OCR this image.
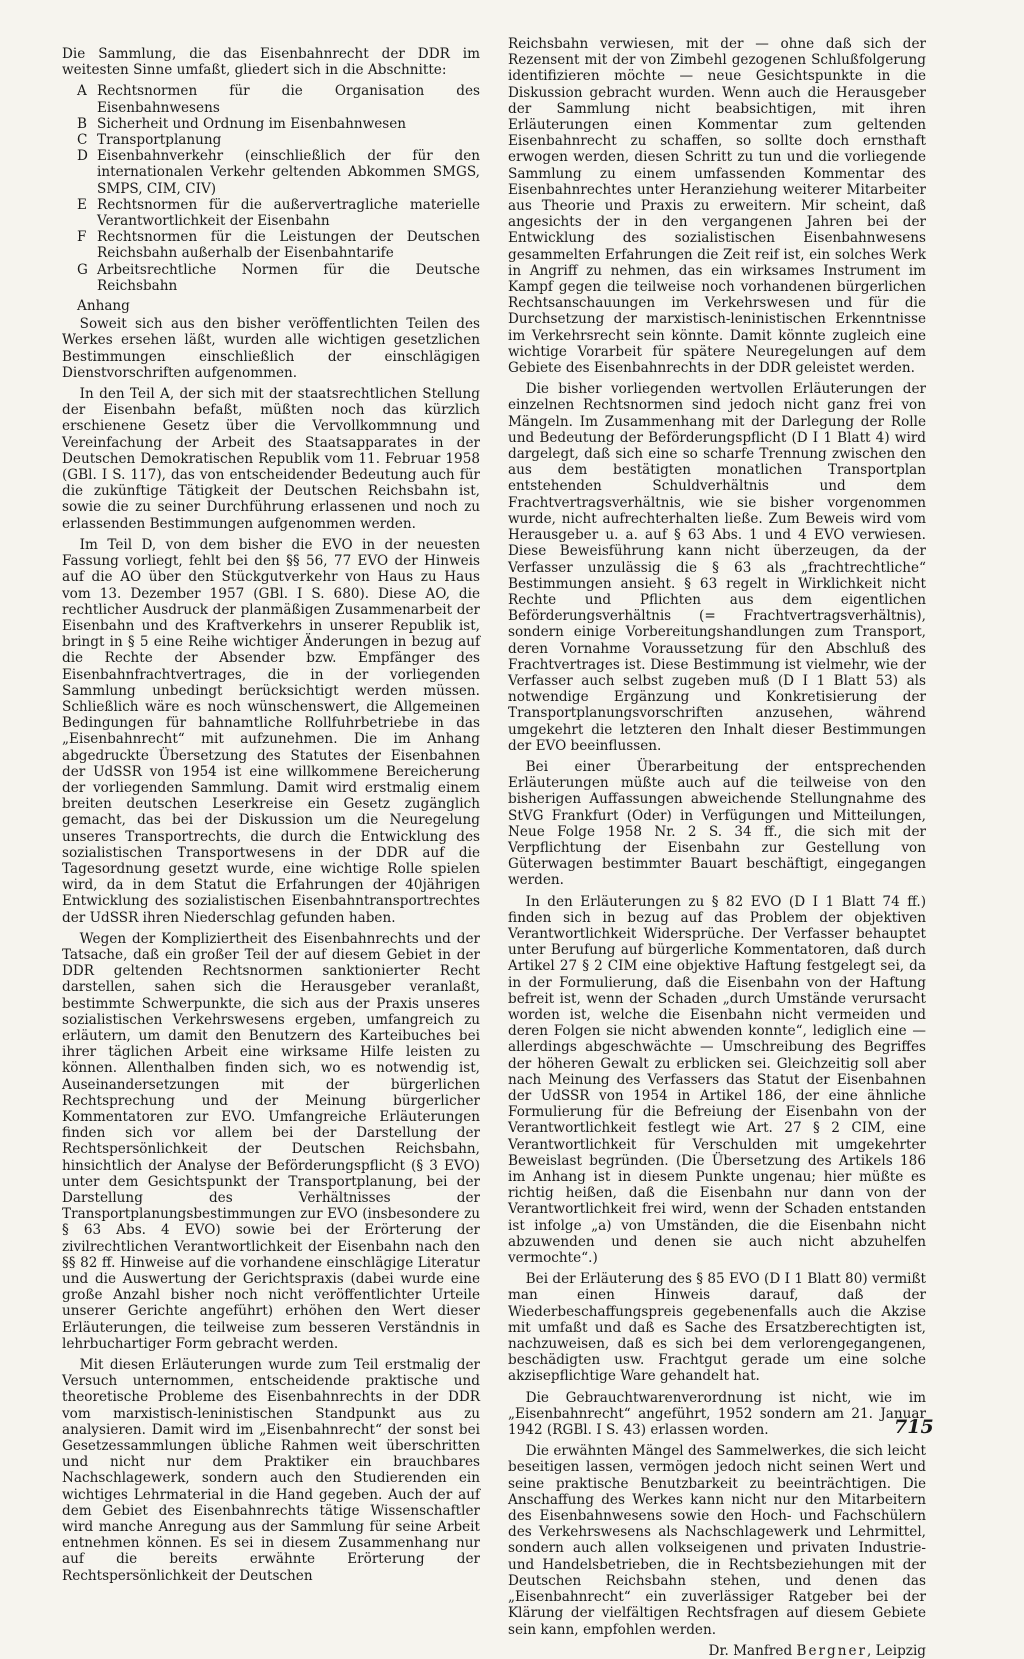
Die Sammlung, die das Eisenbahnrecht der DDR im weitesten Sinne umfaßt, gliedert sich in die Abschnitte:

A Rechtsnormen für die Organisation des Eisenbahnwesens
B Sicherheit und Ordnung im Eisenbahnwesen
C Transportplanung
D Eisenbahnverkehr (einschließlich der für den internationalen Verkehr geltenden Abkommen SMGS, SMPS, CIM, CIV)
E Rechtsnormen für die außervertragliche materielle Verantwortlichkeit der Eisenbahn
F Rechtsnormen für die Leistungen der Deutschen Reichsbahn außerhalb der Eisenbahntarife
G Arbeitsrechtliche Normen für die Deutsche Reichsbahn
Anhang

Soweit sich aus den bisher veröffentlichten Teilen des Werkes ersehen läßt, wurden alle wichtigen gesetzlichen Bestimmungen einschließlich der einschlägigen Dienstvorschriften aufgenommen.

In den Teil A, der sich mit der staatsrechtlichen Stellung der Eisenbahn befaßt, müßten noch das kürzlich erschienene Gesetz über die Vervollkommnung und Vereinfachung der Arbeit des Staatsapparates in der Deutschen Demokratischen Republik vom 11. Februar 1958 (GBl. I S. 117), das von entscheidender Bedeutung auch für die zukünftige Tätigkeit der Deutschen Reichsbahn ist, sowie die zu seiner Durchführung erlassenen und noch zu erlassenden Bestimmungen aufgenommen werden.

Im Teil D, von dem bisher die EVO in der neuesten Fassung vorliegt, fehlt bei den §§ 56, 77 EVO der Hinweis auf die AO über den Stückgutverkehr von Haus zu Haus vom 13. Dezember 1957 (GBl. I S. 680). Diese AO, die rechtlicher Ausdruck der planmäßigen Zusammenarbeit der Eisenbahn und des Kraftverkehrs in unserer Republik ist, bringt in § 5 eine Reihe wichtiger Änderungen in bezug auf die Rechte der Absender bzw. Empfänger des Eisenbahnfrachtvertrages, die in der vorliegenden Sammlung unbedingt berücksichtigt werden müssen. Schließlich wäre es noch wünschenswert, die Allgemeinen Bedingungen für bahnamtliche Rollfuhrbetriebe in das „Eisenbahnrecht“ mit aufzunehmen. Die im Anhang abgedruckte Übersetzung des Statutes der Eisenbahnen der UdSSR von 1954 ist eine willkommene Bereicherung der vorliegenden Sammlung. Damit wird erstmalig einem breiten deutschen Leserkreise ein Gesetz zugänglich gemacht, das bei der Diskussion um die Neuregelung unseres Transportrechts, die durch die Entwicklung des sozialistischen Transportwesens in der DDR auf die Tagesordnung gesetzt wurde, eine wichtige Rolle spielen wird, da in dem Statut die Erfahrungen der 40jährigen Entwicklung des sozialistischen Eisenbahntransportrechtes der UdSSR ihren Niederschlag gefunden haben.

Wegen der Kompliziertheit des Eisenbahnrechts und der Tatsache, daß ein großer Teil der auf diesem Gebiet in der DDR geltenden Rechtsnormen sanktionierter Recht darstellen, sahen sich die Herausgeber veranlaßt, bestimmte Schwerpunkte, die sich aus der Praxis unseres sozialistischen Verkehrswesens ergeben, umfangreich zu erläutern, um damit den Benutzern des Karteibuches bei ihrer täglichen Arbeit eine wirksame Hilfe leisten zu können. Allenthalben finden sich, wo es notwendig ist, Auseinandersetzungen mit der bürgerlichen Rechtsprechung und der Meinung bürgerlicher Kommentatoren zur EVO. Umfangreiche Erläuterungen finden sich vor allem bei der Darstellung der Rechtspersönlichkeit der Deutschen Reichsbahn, hinsichtlich der Analyse der Beförderungspflicht (§ 3 EVO) unter dem Gesichtspunkt der Transportplanung, bei der Darstellung des Verhältnisses der Transportplanungsbestimmungen zur EVO (insbesondere zu § 63 Abs. 4 EVO) sowie bei der Erörterung der zivilrechtlichen Verantwortlichkeit der Eisenbahn nach den §§ 82 ff. Hinweise auf die vorhandene einschlägige Literatur und die Auswertung der Gerichtspraxis (dabei wurde eine große Anzahl bisher noch nicht veröffentlichter Urteile unserer Gerichte angeführt) erhöhen den Wert dieser Erläuterungen, die teilweise zum besseren Verständnis in lehrbuchartiger Form gebracht werden.

Mit diesen Erläuterungen wurde zum Teil erstmalig der Versuch unternommen, entscheidende praktische und theoretische Probleme des Eisenbahnrechts in der DDR vom marxistisch-leninistischen Standpunkt aus zu analysieren. Damit wird im „Eisenbahnrecht“ der sonst bei Gesetzessammlungen übliche Rahmen weit überschritten und nicht nur dem Praktiker ein brauchbares Nachschlagewerk, sondern auch den Studierenden ein wichtiges Lehrmaterial in die Hand gegeben. Auch der auf dem Gebiet des Eisenbahnrechts tätige Wissenschaftler wird manche Anregung aus der Sammlung für seine Arbeit entnehmen können. Es sei in diesem Zusammenhang nur auf die bereits erwähnte Erörterung der Rechtspersönlichkeit der Deutschen

Reichsbahn verwiesen, mit der — ohne daß sich der Rezensent mit der von Zimbehl gezogenen Schlußfolgerung identifizieren möchte — neue Gesichtspunkte in die Diskussion gebracht wurden. Wenn auch die Herausgeber der Sammlung nicht beabsichtigen, mit ihren Erläuterungen einen Kommentar zum geltenden Eisenbahnrecht zu schaffen, so sollte doch ernsthaft erwogen werden, diesen Schritt zu tun und die vorliegende Sammlung zu einem umfassenden Kommentar des Eisenbahnrechtes unter Heranziehung weiterer Mitarbeiter aus Theorie und Praxis zu erweitern. Mir scheint, daß angesichts der in den vergangenen Jahren bei der Entwicklung des sozialistischen Eisenbahnwesens gesammelten Erfahrungen die Zeit reif ist, ein solches Werk in Angriff zu nehmen, das ein wirksames Instrument im Kampf gegen die teilweise noch vorhandenen bürgerlichen Rechtsanschauungen im Verkehrswesen und für die Durchsetzung der marxistisch-leninistischen Erkenntnisse im Verkehrsrecht sein könnte. Damit könnte zugleich eine wichtige Vorarbeit für spätere Neuregelungen auf dem Gebiete des Eisenbahnrechts in der DDR geleistet werden.

Die bisher vorliegenden wertvollen Erläuterungen der einzelnen Rechtsnormen sind jedoch nicht ganz frei von Mängeln. Im Zusammenhang mit der Darlegung der Rolle und Bedeutung der Beförderungspflicht (D I 1 Blatt 4) wird dargelegt, daß sich eine so scharfe Trennung zwischen den aus dem bestätigten monatlichen Transportplan entstehenden Schuldverhältnis und dem Frachtvertragsverhältnis, wie sie bisher vorgenommen wurde, nicht aufrechterhalten ließe. Zum Beweis wird vom Herausgeber u. a. auf § 63 Abs. 1 und 4 EVO verwiesen. Diese Beweisführung kann nicht überzeugen, da der Verfasser unzulässig die § 63 als „frachtrechtliche“ Bestimmungen ansieht. § 63 regelt in Wirklichkeit nicht Rechte und Pflichten aus dem eigentlichen Beförderungsverhältnis (= Frachtvertragsverhältnis), sondern einige Vorbereitungshandlungen zum Transport, deren Vornahme Voraussetzung für den Abschluß des Frachtvertrages ist. Diese Bestimmung ist vielmehr, wie der Verfasser auch selbst zugeben muß (D I 1 Blatt 53) als notwendige Ergänzung und Konkretisierung der Transportplanungsvorschriften anzusehen, während umgekehrt die letzteren den Inhalt dieser Bestimmungen der EVO beeinflussen.

Bei einer Überarbeitung der entsprechenden Erläuterungen müßte auch auf die teilweise von den bisherigen Auffassungen abweichende Stellungnahme des StVG Frankfurt (Oder) in Verfügungen und Mitteilungen, Neue Folge 1958 Nr. 2 S. 34 ff., die sich mit der Verpflichtung der Eisenbahn zur Gestellung von Güterwagen bestimmter Bauart beschäftigt, eingegangen werden.

In den Erläuterungen zu § 82 EVO (D I 1 Blatt 74 ff.) finden sich in bezug auf das Problem der objektiven Verantwortlichkeit Widersprüche. Der Verfasser behauptet unter Berufung auf bürgerliche Kommentatoren, daß durch Artikel 27 § 2 CIM eine objektive Haftung festgelegt sei, da in der Formulierung, daß die Eisenbahn von der Haftung befreit ist, wenn der Schaden „durch Umstände verursacht worden ist, welche die Eisenbahn nicht vermeiden und deren Folgen sie nicht abwenden konnte“, lediglich eine — allerdings abgeschwächte — Umschreibung des Begriffes der höheren Gewalt zu erblicken sei. Gleichzeitig soll aber nach Meinung des Verfassers das Statut der Eisenbahnen der UdSSR von 1954 in Artikel 186, der eine ähnliche Formulierung für die Befreiung der Eisenbahn von der Verantwortlichkeit festlegt wie Art. 27 § 2 CIM, eine Verantwortlichkeit für Verschulden mit umgekehrter Beweislast begründen. (Die Übersetzung des Artikels 186 im Anhang ist in diesem Punkte ungenau; hier müßte es richtig heißen, daß die Eisenbahn nur dann von der Verantwortlichkeit frei wird, wenn der Schaden entstanden ist infolge „a) von Umständen, die die Eisenbahn nicht abzuwenden und denen sie auch nicht abzuhelfen vermochte“.)

Bei der Erläuterung des § 85 EVO (D I 1 Blatt 80) vermißt man einen Hinweis darauf, daß der Wiederbeschaffungspreis gegebenenfalls auch die Akzise mit umfaßt und daß es Sache des Ersatzberechtigten ist, nachzuweisen, daß es sich bei dem verlorengegangenen, beschädigten usw. Frachtgut gerade um eine solche akzisepflichtige Ware gehandelt hat.

Die Gebrauchtwarenverordnung ist nicht, wie im „Eisenbahnrecht“ angeführt, 1952 sondern am 21. Januar 1942 (RGBl. I S. 43) erlassen worden.

Die erwähnten Mängel des Sammelwerkes, die sich leicht beseitigen lassen, vermögen jedoch nicht seinen Wert und seine praktische Benutzbarkeit zu beeinträchtigen. Die Anschaffung des Werkes kann nicht nur den Mitarbeitern des Eisenbahnwesens sowie den Hoch- und Fachschülern des Verkehrswesens als Nachschlagewerk und Lehrmittel, sondern auch allen volkseigenen und privaten Industrie- und Handelsbetrieben, die in Rechtsbeziehungen mit der Deutschen Reichsbahn stehen, und denen das „Eisenbahnrecht“ ein zuverlässiger Ratgeber bei der Klärung der vielfältigen Rechtsfragen auf diesem Gebiete sein kann, empfohlen werden.

Dr. Manfred Bergner, Leipzig
715
